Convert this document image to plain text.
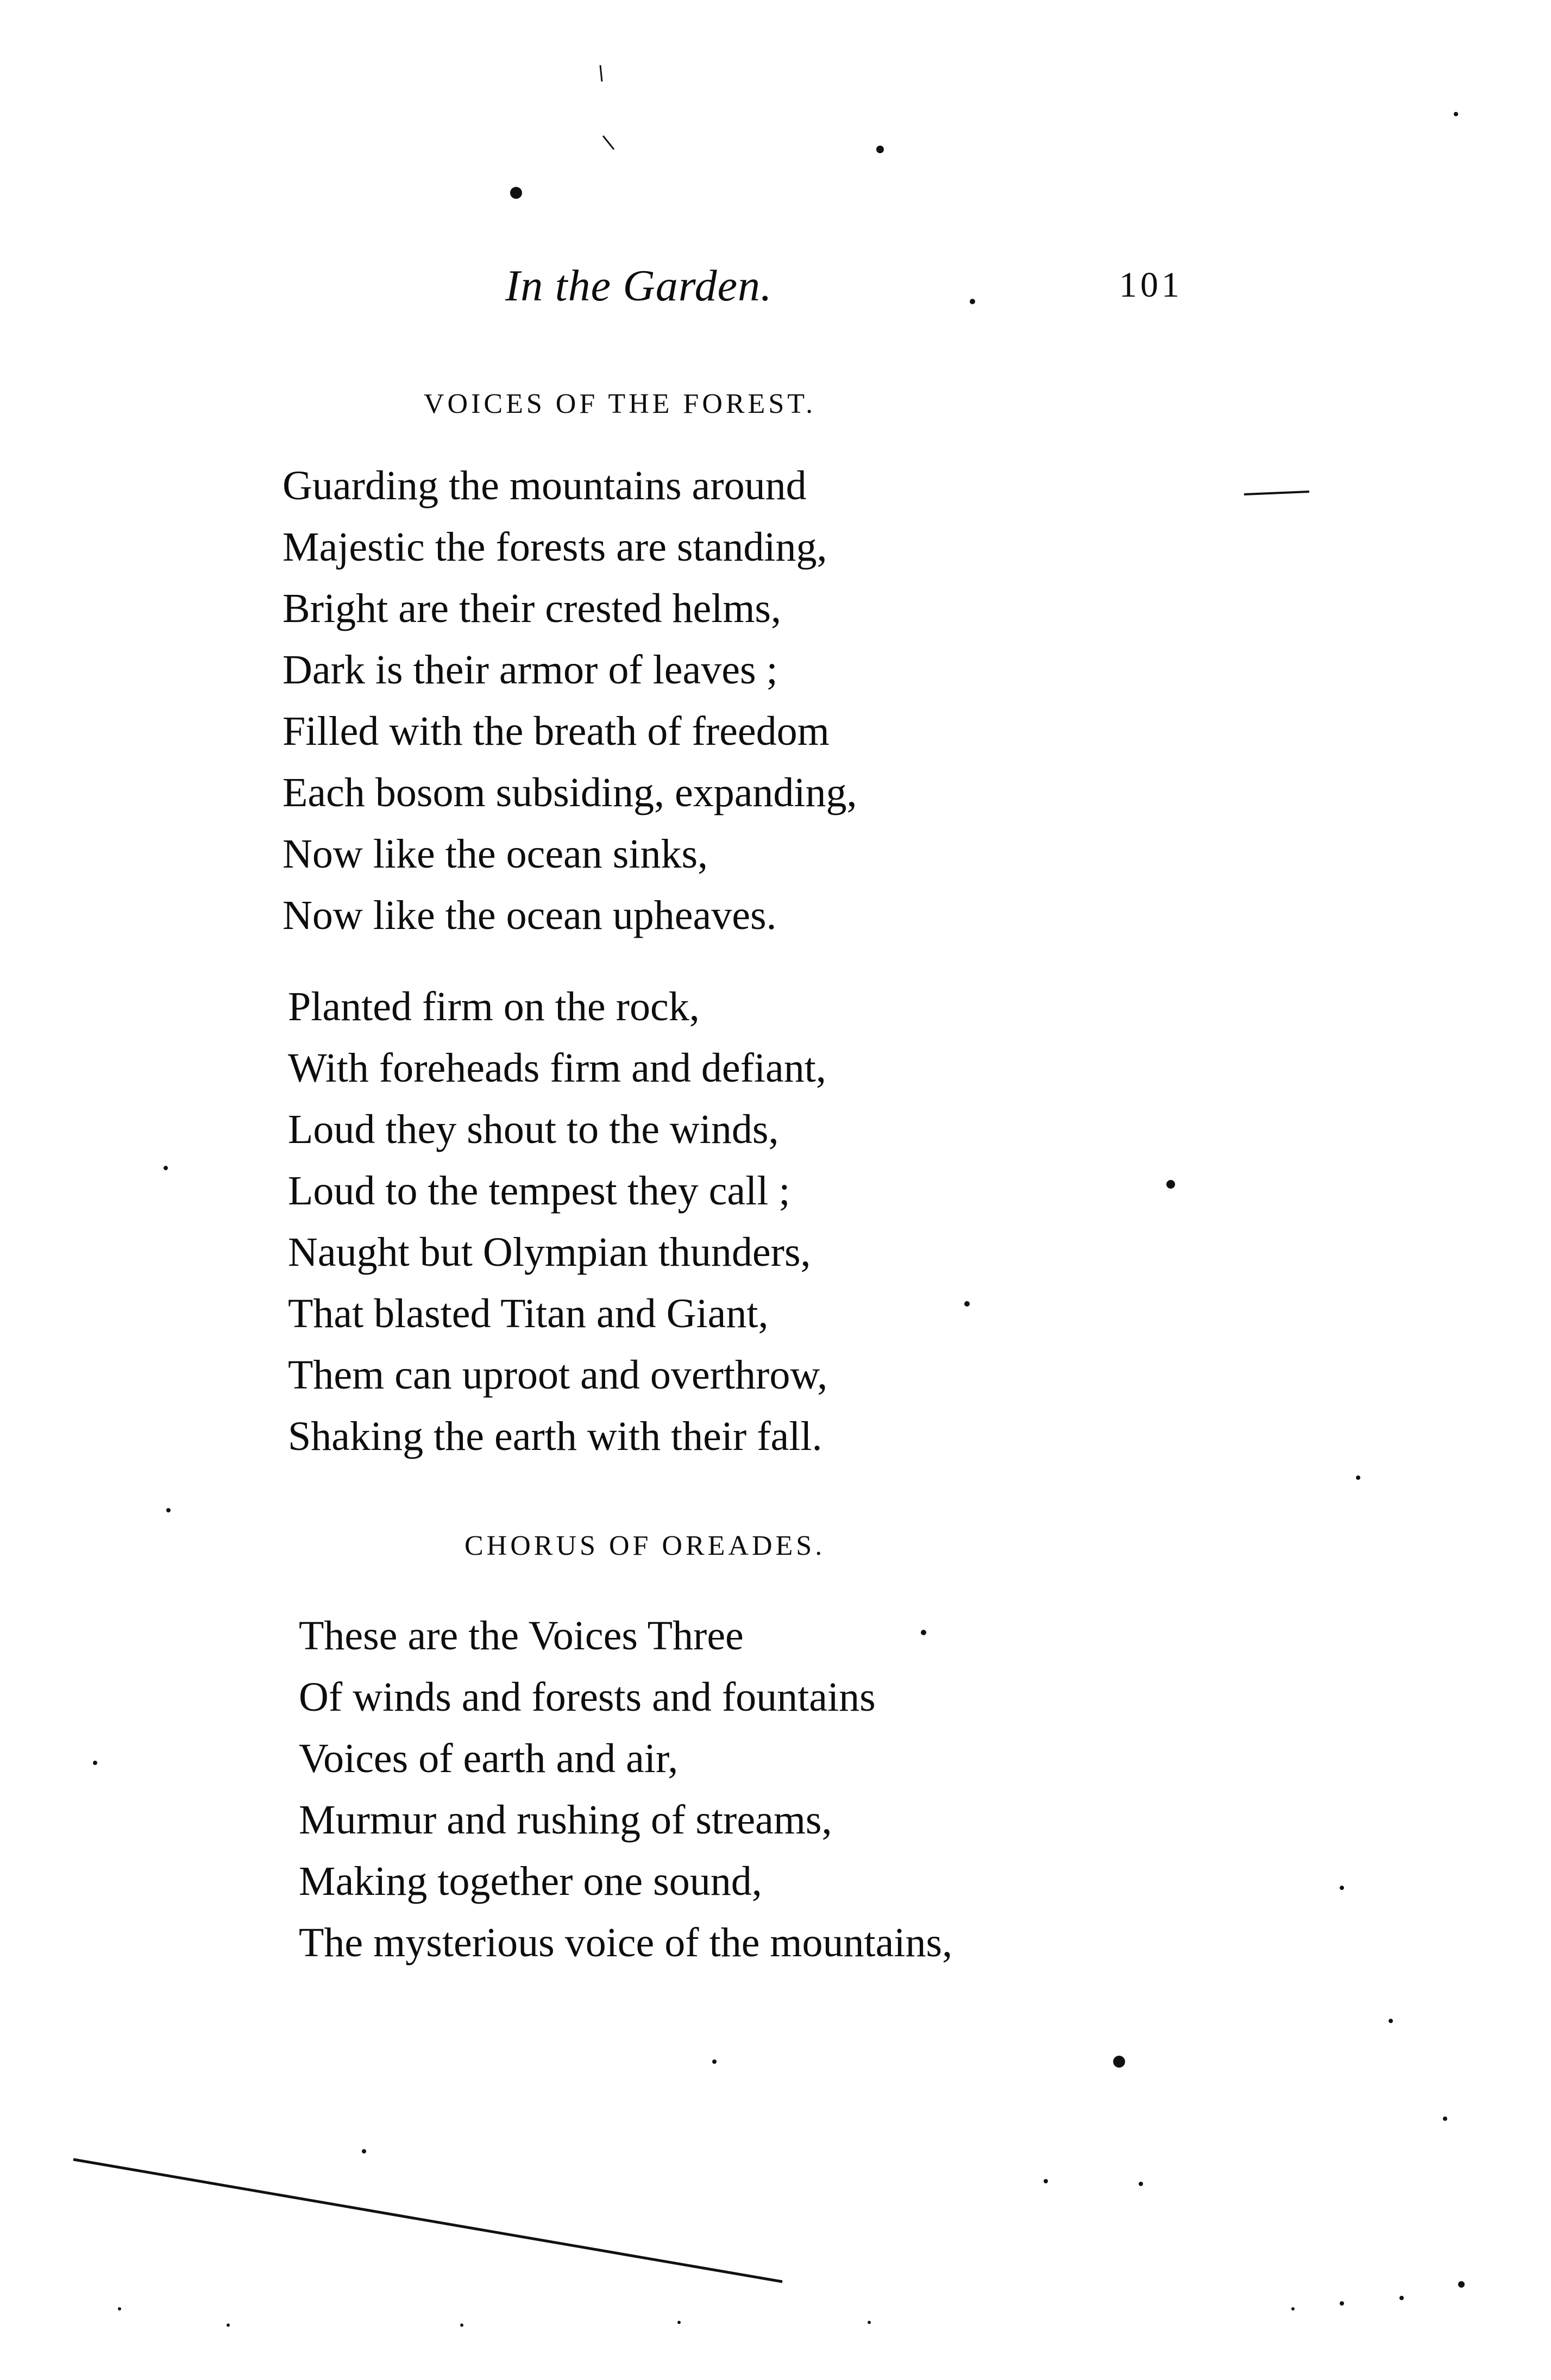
In the Garden.	101
VOICES OF THE FOREST.
Guarding the mountains around
Majestic the forests are standing,
Bright are their crested helms,
Dark is their armor of leaves ;
Filled with the breath of freedom
Each bosom subsiding, expanding,
Now like the ocean sinks,
Now like the ocean upheaves.
Planted firm on the rock,
With foreheads firm and defiant,
Loud they shout to the winds,
Loud to the tempest they call ;
Naught but Olympian thunders,
That blasted Titan and Giant,
Them can uproot and overthrow,
Shaking the earth with their fall.
CHORUS OF OREADES.
These are the Voices Three
Of winds and forests and fountains
Voices of earth and air,
Murmur and rushing of streams,
Making together one sound,
The mysterious voice of the mountains,
